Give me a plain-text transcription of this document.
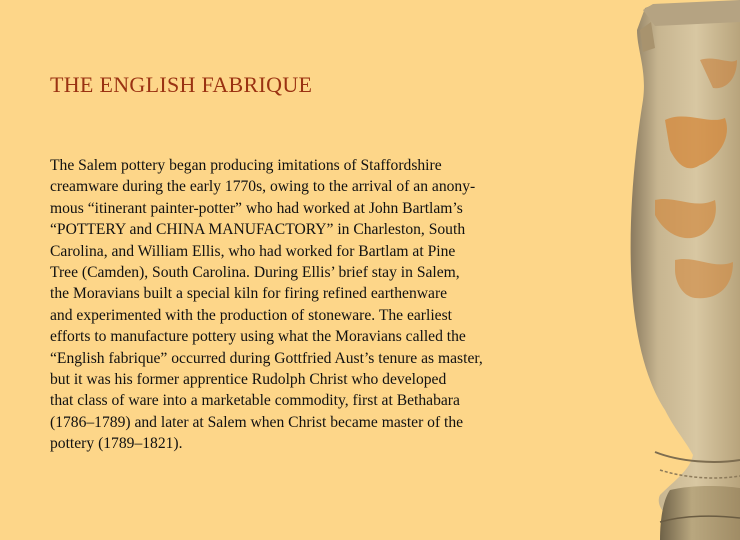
THE ENGLISH FABRIQUE

The Salem pottery began producing imitations of Staffordshire
creamware during the early 1770s, owing to the arrival of an anony-
mous “itinerant painter-potter” who had worked at John Bartlam’s
“POTTERY and CHINA MANUFACTORY” in Charleston, South
Carolina, and William Ellis, who had worked for Bartlam at Pine
Tree (Camden), South Carolina. During Ellis’ brief stay in Salem,
the Moravians built a special kiln for firing refined earthenware
and experimented with the production of stoneware. The earliest
efforts to manufacture pottery using what the Moravians called the
“English fabrique” occurred during Gottfried Aust’s tenure as master,
but it was his former apprentice Rudolph Christ who developed
that class of ware into a marketable commodity, first at Bethabara
(1786–1789) and later at Salem when Christ became master of the
pottery (1789–1821).
